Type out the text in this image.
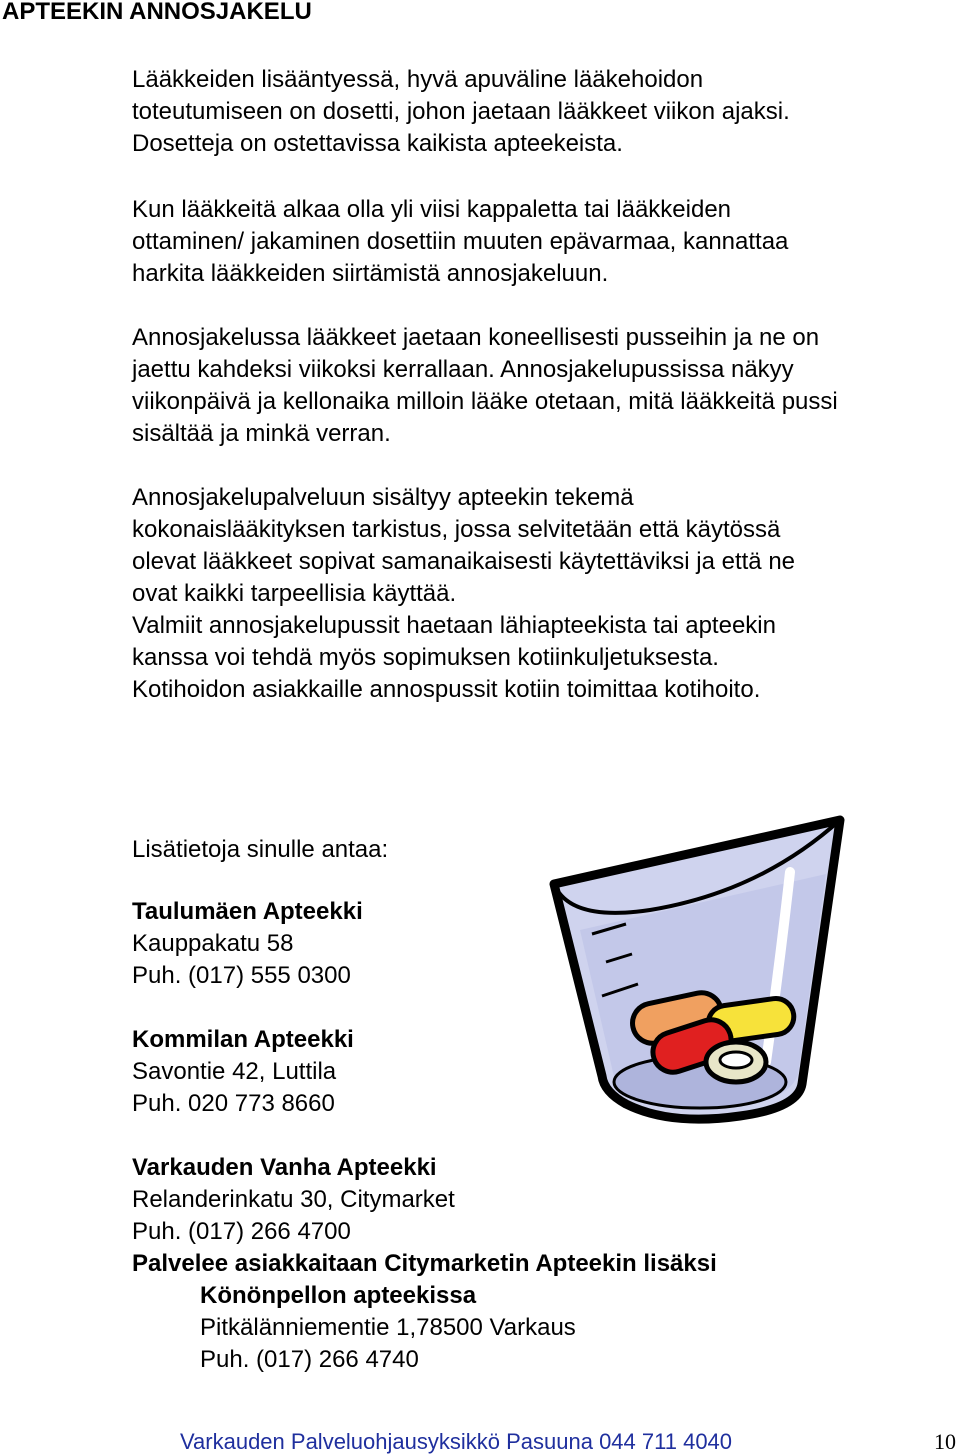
APTEEKIN ANNOSJAKELU
Lääkkeiden lisääntyessä, hyvä apuväline lääkehoidon
toteutumiseen on dosetti, johon jaetaan lääkkeet viikon ajaksi.
Dosetteja on ostettavissa kaikista apteekeista.
Kun lääkkeitä alkaa olla yli viisi kappaletta tai lääkkeiden
ottaminen/ jakaminen dosettiin muuten epävarmaa, kannattaa
harkita lääkkeiden siirtämistä annosjakeluun.
Annosjakelussa lääkkeet jaetaan koneellisesti pusseihin ja ne on
jaettu kahdeksi viikoksi kerrallaan. Annosjakelupussissa näkyy
viikonpäivä ja kellonaika milloin lääke otetaan, mitä lääkkeitä pussi
sisältää ja minkä verran.
Annosjakelupalveluun sisältyy apteekin tekemä
kokonaislääkityksen tarkistus, jossa selvitetään että käytössä
olevat lääkkeet sopivat samanaikaisesti käytettäviksi ja että ne
ovat kaikki tarpeellisia käyttää.
Valmiit annosjakelupussit haetaan lähiapteekista tai apteekin
kanssa voi tehdä myös sopimuksen kotiinkuljetuksesta.
Kotihoidon asiakkaille annospussit kotiin toimittaa kotihoito.
Lisätietoja sinulle antaa:
Taulumäen Apteekki
Kauppakatu 58
Puh. (017) 555 0300
Kommilan Apteekki
Savontie 42, Luttila
Puh. 020 773 8660
Varkauden Vanha Apteekki
Relanderinkatu 30, Citymarket
Puh. (017) 266 4700
Palvelee asiakkaitaan Citymarketin Apteekin lisäksi
Könönpellon apteekissa
Pitkälänniementie 1,78500 Varkaus
Puh. (017) 266 4740
Varkauden Palveluohjausyksikkö Pasuuna 044 711 4040	10
